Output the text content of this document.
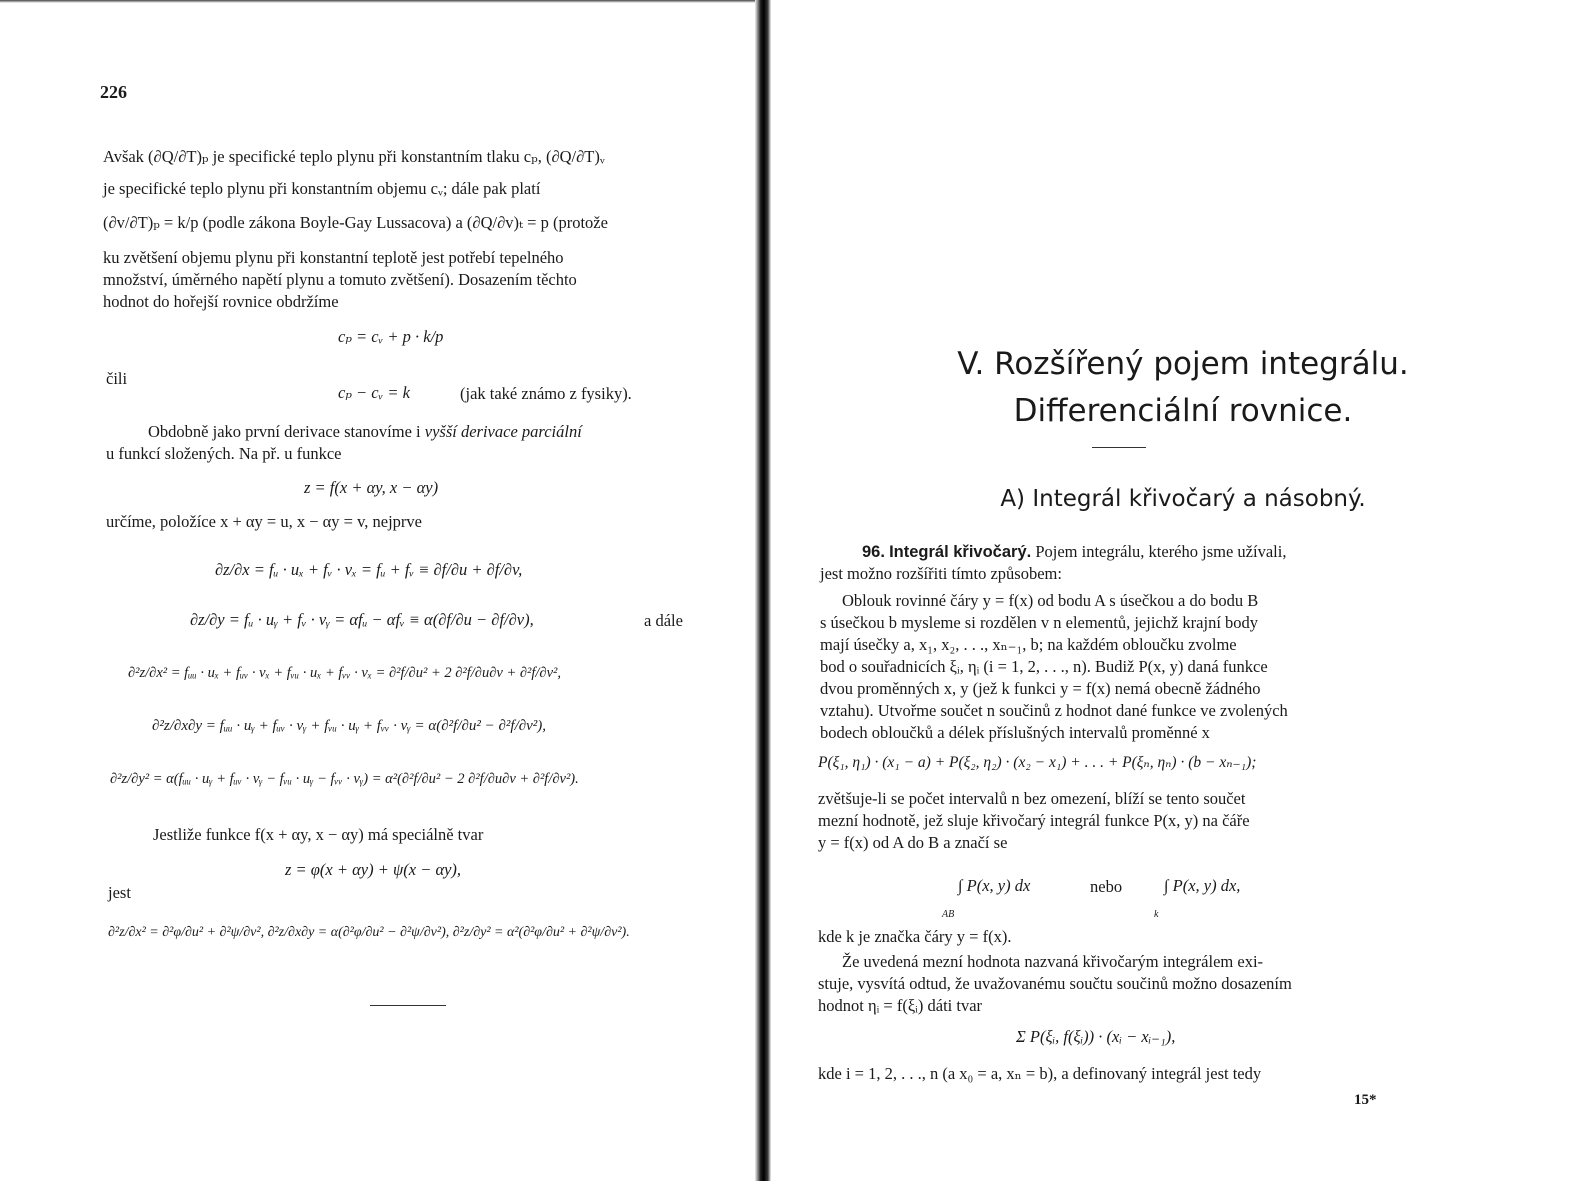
226
Avšak (∂Q/∂T)ₚ je specifické teplo plynu při konstantním tlaku cₚ, (∂Q/∂T)ᵥ
je specifické teplo plynu při konstantním objemu cᵥ; dále pak platí
(∂v/∂T)ₚ = k/p (podle zákona Boyle-Gay Lussacova) a (∂Q/∂v)ₜ = p (protože
ku zvětšení objemu plynu při konstantní teplotě jest potřebí tepelného
množství, úměrného napětí plynu a tomuto zvětšení). Dosazením těchto
hodnot do hořejší rovnice obdržíme
cₚ = cᵥ + p · k/p
čili
cₚ − cᵥ = k	(jak také známo z fysiky).
Obdobně jako první derivace stanovíme i vyšší derivace parciální
u funkcí složených. Na př. u funkce
z = f(x + αy, x − αy)
určíme, položíce x + αy = u, x − αy = v, nejprve
∂z/∂x = fᵤ · uₓ + fᵥ · vₓ = fᵤ + fᵥ ≡ ∂f/∂u + ∂f/∂v,
∂z/∂y = fᵤ · uᵧ + fᵥ · vᵧ = αfᵤ − αfᵥ ≡ α(∂f/∂u − ∂f/∂v),	a dále
∂²z/∂x² = fᵤᵤ · uₓ + fᵤᵥ · vₓ + fᵥᵤ · uₓ + fᵥᵥ · vₓ = ∂²f/∂u² + 2 ∂²f/∂u∂v + ∂²f/∂v²,
∂²z/∂x∂y = fᵤᵤ · uᵧ + fᵤᵥ · vᵧ + fᵥᵤ · uᵧ + fᵥᵥ · vᵧ = α(∂²f/∂u² − ∂²f/∂v²),
∂²z/∂y² = α(fᵤᵤ · uᵧ + fᵤᵥ · vᵧ − fᵥᵤ · uᵧ − fᵥᵥ · vᵧ) = α²(∂²f/∂u² − 2 ∂²f/∂u∂v + ∂²f/∂v²).
Jestliže funkce f(x + αy, x − αy) má speciálně tvar
z = φ(x + αy) + ψ(x − αy),
jest
∂²z/∂x² = ∂²φ/∂u² + ∂²ψ/∂v², ∂²z/∂x∂y = α(∂²φ/∂u² − ∂²ψ/∂v²), ∂²z/∂y² = α²(∂²φ/∂u² + ∂²ψ/∂v²).
V. Rozšířený pojem integrálu.
Differenciální rovnice.
A) Integrál křivočarý a násobný.
96. Integrál křivočarý. Pojem integrálu, kterého jsme užívali,
jest možno rozšířiti tímto způsobem:
Oblouk rovinné čáry y = f(x) od bodu A s úsečkou a do bodu B
s úsečkou b mysleme si rozdělen v n elementů, jejichž krajní body
mají úsečky a, x₁, x₂, . . ., xₙ₋₁, b; na každém obloučku zvolme
bod o souřadnicích ξᵢ, ηᵢ (i = 1, 2, . . ., n). Budiž P(x, y) daná funkce
dvou proměnných x, y (jež k funkci y = f(x) nemá obecně žádného
vztahu). Utvořme součet n součinů z hodnot dané funkce ve zvolených
bodech obloučků a délek příslušných intervalů proměnné x
P(ξ₁, η₁) · (x₁ − a) + P(ξ₂, η₂) · (x₂ − x₁) + . . . + P(ξₙ, ηₙ) · (b − xₙ₋₁);
zvětšuje-li se počet intervalů n bez omezení, blíží se tento součet
mezní hodnotě, jež sluje křivočarý integrál funkce P(x, y) na čáře
y = f(x) od A do B a značí se
∫ P(x, y) dx
AB
nebo	∫ P(x, y) dx,
k
kde k je značka čáry y = f(x).
Že uvedená mezní hodnota nazvaná křivočarým integrálem exi-
stuje, vysvítá odtud, že uvažovanému součtu součinů možno dosazením
hodnot ηᵢ = f(ξᵢ) dáti tvar
Σ P(ξᵢ, f(ξᵢ)) · (xᵢ − xᵢ₋₁),
kde i = 1, 2, . . ., n (a x₀ = a, xₙ = b), a definovaný integrál jest tedy
15*
